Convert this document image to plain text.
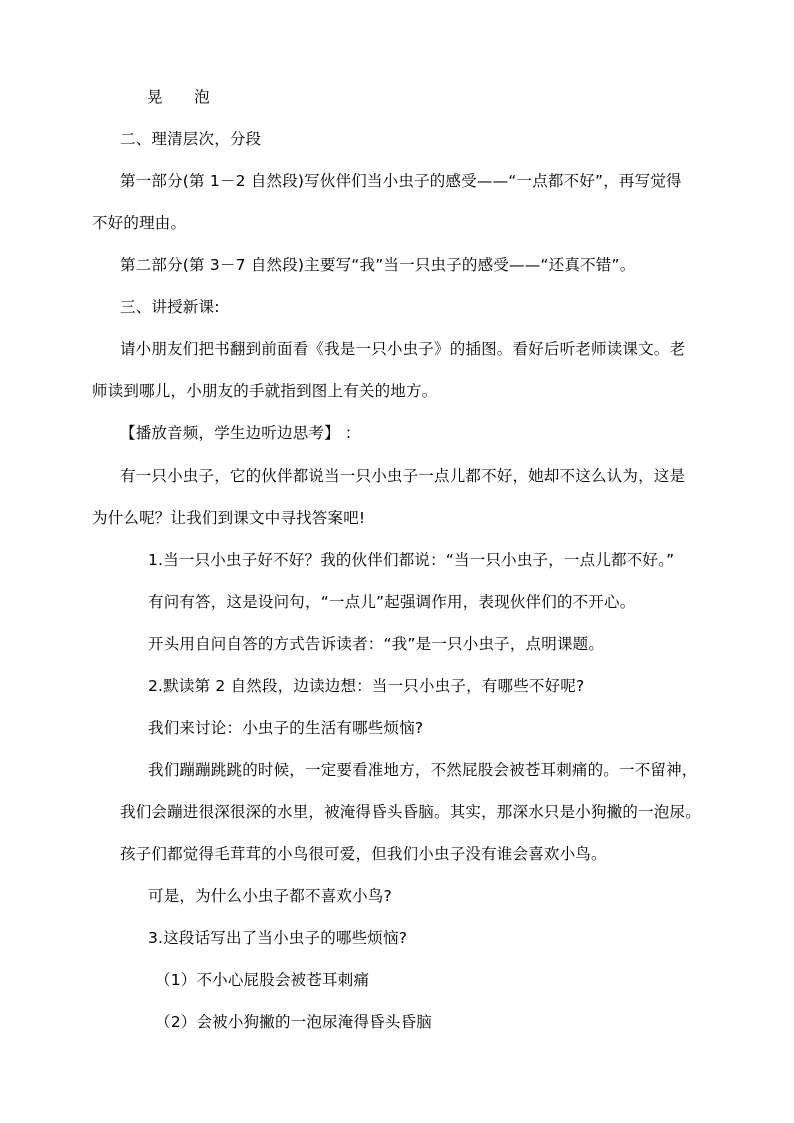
晃　　泡
二、理清层次，分段
第一部分(第 1－2 自然段)写伙伴们当小虫子的感受——“一点都不好”，再写觉得
不好的理由。
第二部分(第 3－7 自然段)主要写“我”当一只虫子的感受——“还真不错”。
三、讲授新课:
请小朋友们把书翻到前面看《我是一只小虫子》的插图。看好后听老师读课文。老
师读到哪儿，小朋友的手就指到图上有关的地方。
【播放音频，学生边听边思考】 ：
有一只小虫子，它的伙伴都说当一只小虫子一点儿都不好，她却不这么认为，这是
为什么呢？让我们到课文中寻找答案吧!
1.当一只小虫子好不好？我的伙伴们都说：“当一只小虫子，一点儿都不好。”
有问有答，这是设问句，“一点儿”起强调作用，表现伙伴们的不开心。
开头用自问自答的方式告诉读者：“我”是一只小虫子，点明课题。
2.默读第 2 自然段，边读边想：当一只小虫子，有哪些不好呢?
我们来讨论：小虫子的生活有哪些烦恼?
我们蹦蹦跳跳的时候，一定要看准地方，不然屁股会被苍耳刺痛的。一不留神，
我们会蹦进很深很深的水里，被淹得昏头昏脑。其实，那深水只是小狗撇的一泡尿。
孩子们都觉得毛茸茸的小鸟很可爱，但我们小虫子没有谁会喜欢小鸟。
可是，为什么小虫子都不喜欢小鸟?
3.这段话写出了当小虫子的哪些烦恼?
（1）不小心屁股会被苍耳刺痛
（2）会被小狗撇的一泡尿淹得昏头昏脑
